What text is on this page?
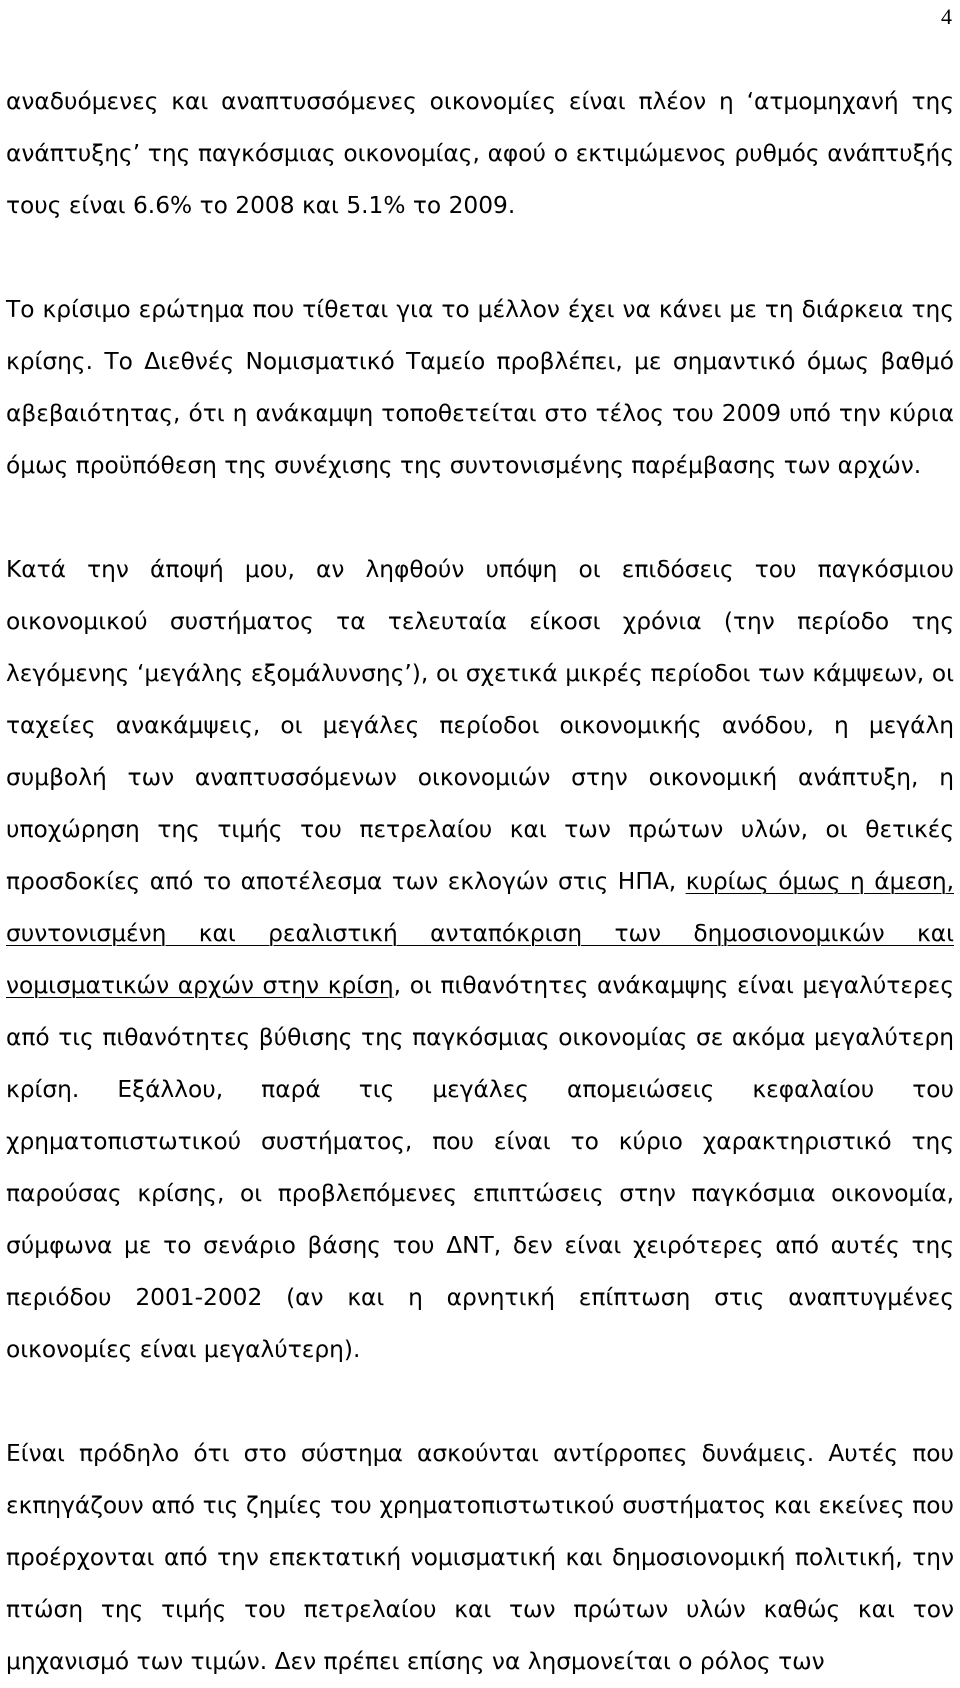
4

αναδυόμενες και αναπτυσσόμενες οικονομίες είναι πλέον η ‘ατμομηχανή της ανάπτυξης’ της παγκόσμιας οικονομίας, αφού ο εκτιμώμενος ρυθμός ανάπτυξής τους είναι 6.6% το 2008 και 5.1% το 2009.

Το κρίσιμο ερώτημα που τίθεται για το μέλλον έχει να κάνει με τη διάρκεια της κρίσης. Το Διεθνές Νομισματικό Ταμείο προβλέπει, με σημαντικό όμως βαθμό αβεβαιότητας, ότι η ανάκαμψη τοποθετείται στο τέλος του 2009 υπό την κύρια όμως προϋπόθεση της συνέχισης της συντονισμένης παρέμβασης των αρχών.

Κατά την άποψή μου, αν ληφθούν υπόψη οι επιδόσεις του παγκόσμιου οικονομικού συστήματος τα τελευταία είκοσι χρόνια (την περίοδο της λεγόμενης ‘μεγάλης εξομάλυνσης’), οι σχετικά μικρές περίοδοι των κάμψεων, οι ταχείες ανακάμψεις, οι μεγάλες περίοδοι οικονομικής ανόδου, η μεγάλη συμβολή των αναπτυσσόμενων οικονομιών στην οικονομική ανάπτυξη, η υποχώρηση της τιμής του πετρελαίου και των πρώτων υλών, οι θετικές προσδοκίες από το αποτέλεσμα των εκλογών στις ΗΠΑ, κυρίως όμως η άμεση, συντονισμένη και ρεαλιστική ανταπόκριση των δημοσιονομικών και νομισματικών αρχών στην κρίση, οι πιθανότητες ανάκαμψης είναι μεγαλύτερες από τις πιθανότητες βύθισης της παγκόσμιας οικονομίας σε ακόμα μεγαλύτερη κρίση. Εξάλλου, παρά τις μεγάλες απομειώσεις κεφαλαίου του χρηματοπιστωτικού συστήματος, που είναι το κύριο χαρακτηριστικό της παρούσας κρίσης, οι προβλεπόμενες επιπτώσεις στην παγκόσμια οικονομία, σύμφωνα με το σενάριο βάσης του ΔΝΤ, δεν είναι χειρότερες από αυτές της περιόδου 2001-2002 (αν και η αρνητική επίπτωση στις αναπτυγμένες οικονομίες είναι μεγαλύτερη).

Είναι πρόδηλο ότι στο σύστημα ασκούνται αντίρροπες δυνάμεις. Αυτές που εκπηγάζουν από τις ζημίες του χρηματοπιστωτικού συστήματος και εκείνες που προέρχονται από την επεκτατική νομισματική και δημοσιονομική πολιτική, την πτώση της τιμής του πετρελαίου και των πρώτων υλών καθώς και τον μηχανισμό των τιμών. Δεν πρέπει επίσης να λησμονείται ο ρόλος των
